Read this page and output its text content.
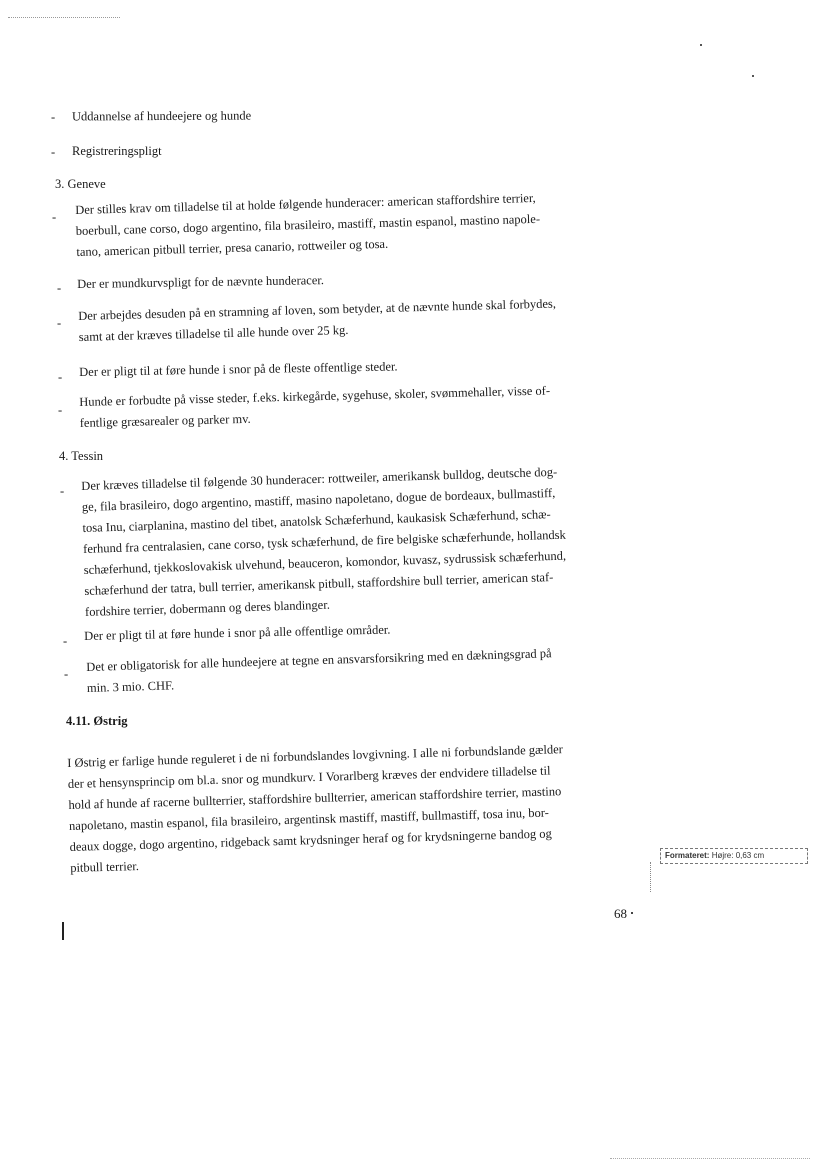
- Uddannelse af hundeejere og hunde
- Registreringspligt
3. Geneve
-
Der stilles krav om tilladelse til at holde følgende hunderacer: american staffordshire terrier,
boerbull, cane corso, dogo argentino, fila brasileiro, mastiff, mastin espanol, mastino napole-
tano, american pitbull terrier, presa canario, rottweiler og tosa.
- Der er mundkurvspligt for de nævnte hunderacer.
-
Der arbejdes desuden på en stramning af loven, som betyder, at de nævnte hunde skal forbydes,
samt at der kræves tilladelse til alle hunde over 25 kg.
- Der er pligt til at føre hunde i snor på de fleste offentlige steder.
-
Hunde er forbudte på visse steder, f.eks. kirkegårde, sygehuse, skoler, svømmehaller, visse of-
fentlige græsarealer og parker mv.
4. Tessin
- Der kræves tilladelse til følgende 30 hunderacer: rottweiler, amerikansk bulldog, deutsche dog-
ge, fila brasileiro, dogo argentino, mastiff, masino napoletano, dogue de bordeaux, bullmastiff,
tosa Inu, ciarplanina, mastino del tibet, anatolsk Schæferhund, kaukasisk Schæferhund, schæ-
ferhund fra centralasien, cane corso, tysk schæferhund, de fire belgiske schæferhunde, hollandsk
schæferhund, tjekkoslovakisk ulvehund, beauceron, komondor, kuvasz, sydrussisk schæferhund,
schæferhund der tatra, bull terrier, amerikansk pitbull, staffordshire bull terrier, american staf-
fordshire terrier, dobermann og deres blandinger.
- Der er pligt til at føre hunde i snor på alle offentlige områder.
-
Det er obligatorisk for alle hundeejere at tegne en ansvarsforsikring med en dækningsgrad på
min. 3 mio. CHF.
4.11. Østrig
I Østrig er farlige hunde reguleret i de ni forbundslandes lovgivning. I alle ni forbundslande gælder
der et hensynsprincip om bl.a. snor og mundkurv. I Vorarlberg kræves der endvidere tilladelse til
hold af hunde af racerne bullterrier, staffordshire bullterrier, american staffordshire terrier, mastino
napoletano, mastin espanol, fila brasileiro, argentinsk mastiff, mastiff, bullmastiff, tosa inu, bor-
deaux dogge, dogo argentino, ridgeback samt krydsninger heraf og for krydsningerne bandog og
pitbull terrier.
Formateret: Højre: 0,63 cm
68
